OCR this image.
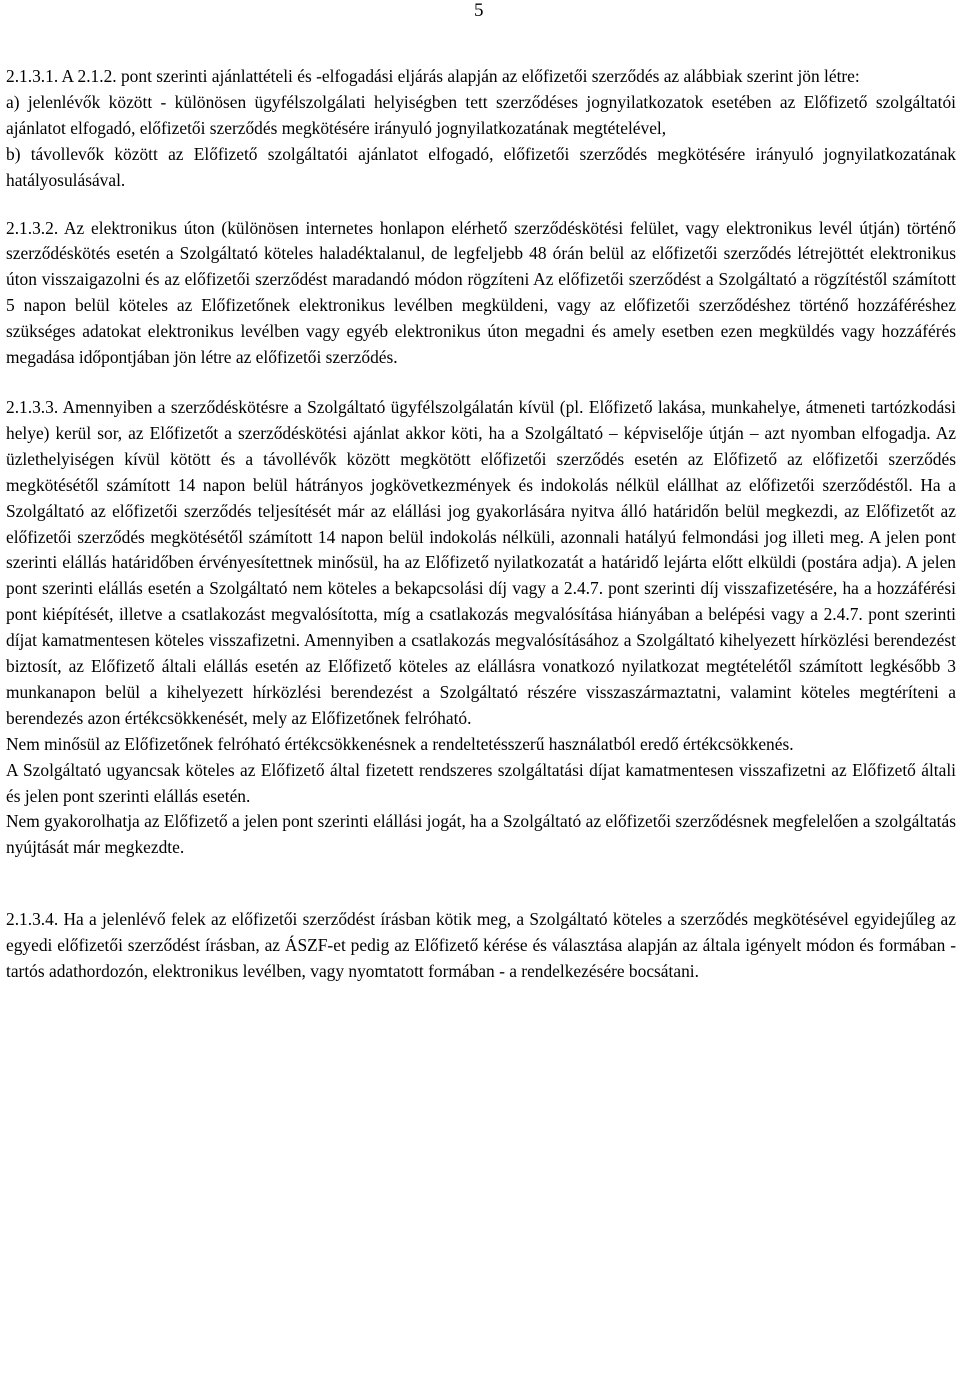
5

2.1.3.1. A 2.1.2. pont szerinti ajánlattételi és -elfogadási eljárás alapján az előfizetői szerződés az alábbiak szerint jön létre:

a) jelenlévők között - különösen ügyfélszolgálati helyiségben tett szerződéses jognyilatkozatok esetében az Előfizető szolgáltatói ajánlatot elfogadó, előfizetői szerződés megkötésére irányuló jognyilatkozatának megtételével,

b) távollevők között az Előfizető szolgáltatói ajánlatot elfogadó, előfizetői szerződés megkötésére irányuló jognyilatkozatának hatályosulásával.

2.1.3.2. Az elektronikus úton (különösen internetes honlapon elérhető szerződéskötési felület, vagy elektronikus levél útján) történő szerződéskötés esetén a Szolgáltató köteles haladéktalanul, de legfeljebb 48 órán belül az előfizetői szerződés létrejöttét elektronikus úton visszaigazolni és az előfizetői szerződést maradandó módon rögzíteni Az előfizetői szerződést a Szolgáltató a rögzítéstől számított 5 napon belül köteles az Előfizetőnek elektronikus levélben megküldeni, vagy az előfizetői szerződéshez történő hozzáféréshez szükséges adatokat elektronikus levélben vagy egyéb elektronikus úton megadni és amely esetben ezen megküldés vagy hozzáférés megadása időpontjában jön létre az előfizetői szerződés.

2.1.3.3. Amennyiben a szerződéskötésre a Szolgáltató ügyfélszolgálatán kívül (pl. Előfizető lakása, munkahelye, átmeneti tartózkodási helye) kerül sor, az Előfizetőt a szerződéskötési ajánlat akkor köti, ha a Szolgáltató – képviselője útján – azt nyomban elfogadja. Az üzlethelyiségen kívül kötött és a távollévők között megkötött előfizetői szerződés esetén az Előfizető az előfizetői szerződés megkötésétől számított 14 napon belül hátrányos jogkövetkezmények és indokolás nélkül elállhat az előfizetői szerződéstől. Ha a Szolgáltató az előfizetői szerződés teljesítését már az elállási jog gyakorlására nyitva álló határidőn belül megkezdi, az Előfizetőt az előfizetői szerződés megkötésétől számított 14 napon belül indokolás nélküli, azonnali hatályú felmondási jog illeti meg. A jelen pont szerinti elállás határidőben érvényesítettnek minősül, ha az Előfizető nyilatkozatát a határidő lejárta előtt elküldi (postára adja). A jelen pont szerinti elállás esetén a Szolgáltató nem köteles a bekapcsolási díj vagy a 2.4.7. pont szerinti díj visszafizetésére, ha a hozzáférési pont kiépítését, illetve a csatlakozást megvalósította, míg a csatlakozás megvalósítása hiányában a belépési vagy a 2.4.7. pont szerinti díjat kamatmentesen köteles visszafizetni. Amennyiben a csatlakozás megvalósításához a Szolgáltató kihelyezett hírközlési berendezést biztosít, az Előfizető általi elállás esetén az Előfizető köteles az elállásra vonatkozó nyilatkozat megtételétől számított legkésőbb 3 munkanapon belül a kihelyezett hírközlési berendezést a Szolgáltató részére visszaszármaztatni, valamint köteles megtéríteni a berendezés azon értékcsökkenését, mely az Előfizetőnek felróható.

Nem minősül az Előfizetőnek felróható értékcsökkenésnek a rendeltetésszerű használatból eredő értékcsökkenés.

A Szolgáltató ugyancsak köteles az Előfizető által fizetett rendszeres szolgáltatási díjat kamatmentesen visszafizetni az Előfizető általi és jelen pont szerinti elállás esetén.

Nem gyakorolhatja az Előfizető a jelen pont szerinti elállási jogát, ha a Szolgáltató az előfizetői szerződésnek megfelelően a szolgáltatás nyújtását már megkezdte.

2.1.3.4. Ha a jelenlévő felek az előfizetői szerződést írásban kötik meg, a Szolgáltató köteles a szerződés megkötésével egyidejűleg az egyedi előfizetői szerződést írásban, az ÁSZF-et pedig az Előfizető kérése és választása alapján az általa igényelt módon és formában - tartós adathordozón, elektronikus levélben, vagy nyomtatott formában - a rendelkezésére bocsátani.
